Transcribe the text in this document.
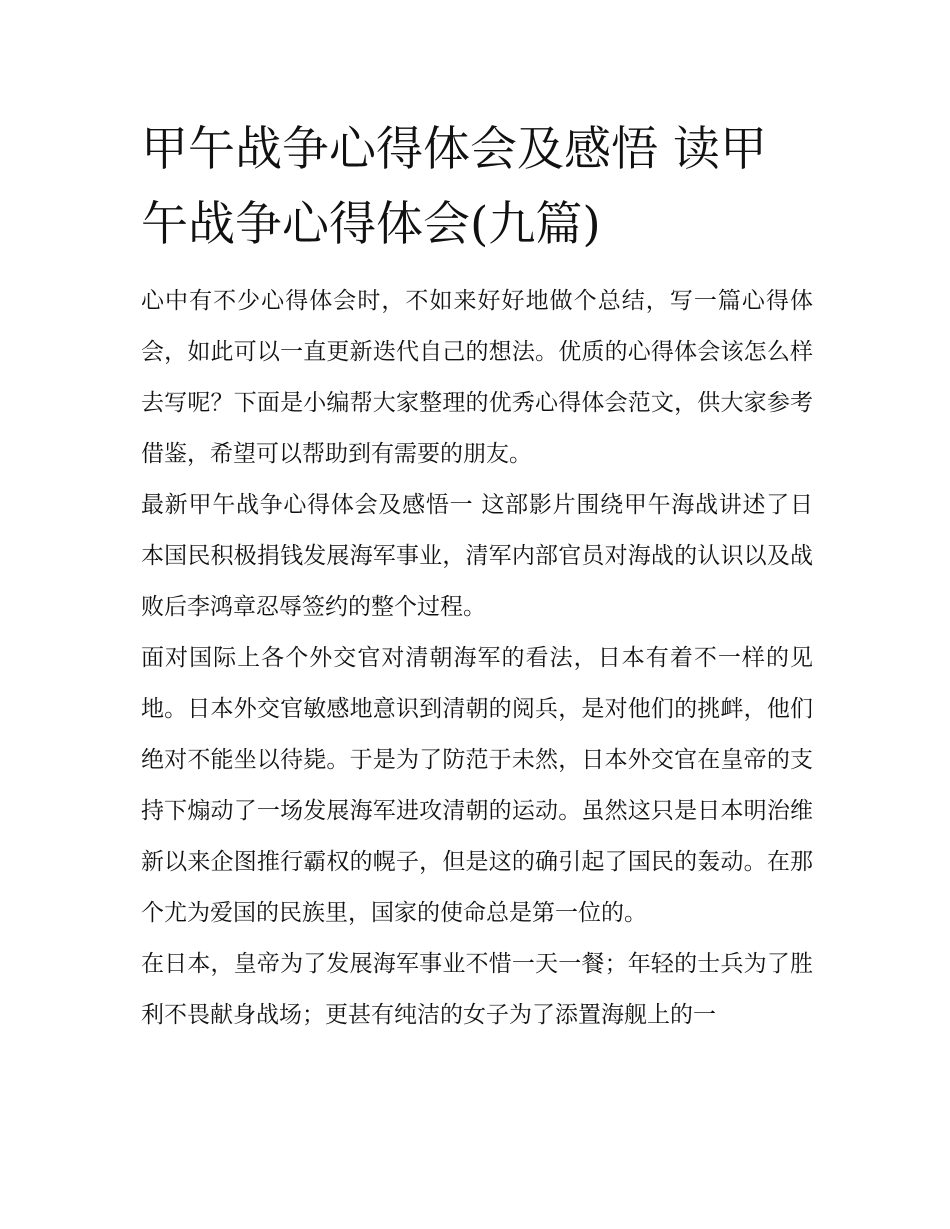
甲午战争心得体会及感悟 读甲午战争心得体会(九篇)

心中有不少心得体会时，不如来好好地做个总结，写一篇心得体会，如此可以一直更新迭代自己的想法。优质的心得体会该怎么样去写呢？下面是小编帮大家整理的优秀心得体会范文，供大家参考借鉴，希望可以帮助到有需要的朋友。

最新甲午战争心得体会及感悟一 这部影片围绕甲午海战讲述了日本国民积极捐钱发展海军事业，清军内部官员对海战的认识以及战败后李鸿章忍辱签约的整个过程。

面对国际上各个外交官对清朝海军的看法，日本有着不一样的见地。日本外交官敏感地意识到清朝的阅兵，是对他们的挑衅，他们绝对不能坐以待毙。于是为了防范于未然，日本外交官在皇帝的支持下煽动了一场发展海军进攻清朝的运动。虽然这只是日本明治维新以来企图推行霸权的幌子，但是这的确引起了国民的轰动。在那个尤为爱国的民族里，国家的使命总是第一位的。

在日本，皇帝为了发展海军事业不惜一天一餐；年轻的士兵为了胜利不畏献身战场；更甚有纯洁的女子为了添置海舰上的一
